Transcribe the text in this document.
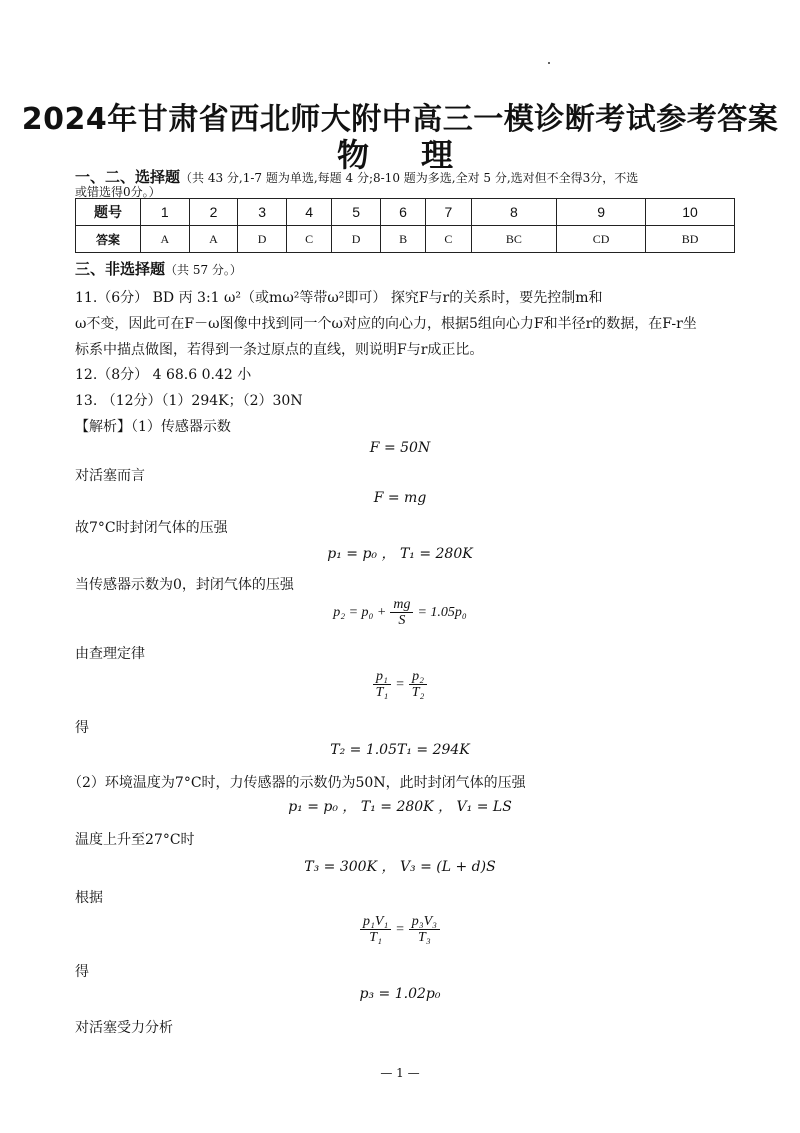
2024年甘肃省西北师大附中高三一模诊断考试参考答案
物　理
一、二、选择题（共 43 分,1-7 题为单选,每题 4 分;8-10 题为多选,全对 5 分,选对但不全得3分，不选
或错选得0分。）
题号	1	2	3	4	5	6	7	8	9	10
答案	A	A	D	C	D	B	C	BC	CD	BD
三、非选择题（共 57 分。）
11.（6分） BD 丙 3:1 ω²（或mω²等带ω²即可） 探究F与r的关系时，要先控制m和
ω不变，因此可在F－ω图像中找到同一个ω对应的向心力，根据5组向心力F和半径r的数据，在F-r坐
标系中描点做图，若得到一条过原点的直线，则说明F与r成正比。
12.（8分） 4 68.6 0.42 小
13. （12分）（1）294K；（2）30N
【解析】（1）传感器示数
F = 50N
对活塞而言
F = mg
故7°C时封闭气体的压强
p₁ = p₀ ， T₁ = 280K
当传感器示数为0，封闭气体的压强
$p_2 = p_0 + \frac{mg}{S} = 1.05p_0$
由查理定律
$\frac{\text{p₁}}{\text{T₁}} = \frac{\text{p₂}}{\text{T₂}}$
得
T₂ = 1.05T₁ = 294K
（2）环境温度为7°C时，力传感器的示数仍为50N，此时封闭气体的压强
p₁ = p₀ ， T₁ = 280K ， V₁ = LS
温度上升至27°C时
T₃ = 300K ， V₃ = (L + d)S
根据
$\frac{\text{p₁V₁}}{\text{T₁}} = \frac{\text{p₃V₃}}{\text{T₃}}$
得
p₃ = 1.02p₀
对活塞受力分析
— 1 —
